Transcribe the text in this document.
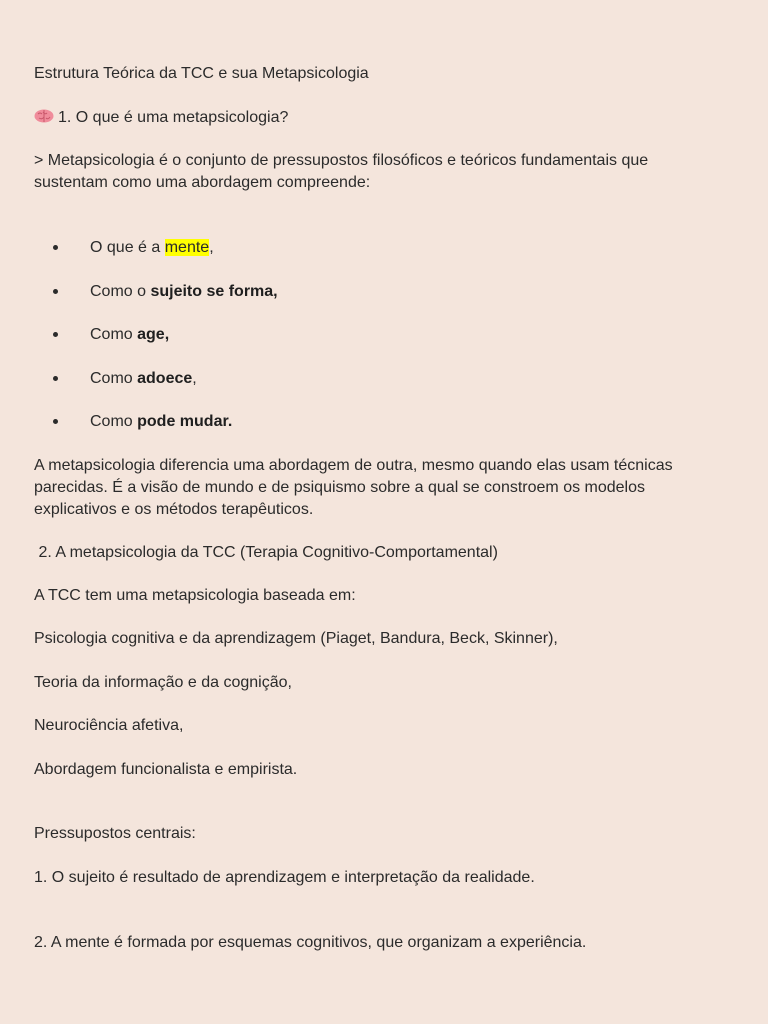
Estrutura Teórica da TCC e sua Metapsicologia

1. O que é uma metapsicologia?

> Metapsicologia é o conjunto de pressupostos filosóficos e teóricos fundamentais que

sustentam como uma abordagem compreende:

O que é a mente,

Como o sujeito se forma,

Como age,

Como adoece,

Como pode mudar.

A metapsicologia diferencia uma abordagem de outra, mesmo quando elas usam técnicas

parecidas. É a visão de mundo e de psiquismo sobre a qual se constroem os modelos

explicativos e os métodos terapêuticos.

2. A metapsicologia da TCC (Terapia Cognitivo-Comportamental)

A TCC tem uma metapsicologia baseada em:

Psicologia cognitiva e da aprendizagem (Piaget, Bandura, Beck, Skinner),

Teoria da informação e da cognição,

Neurociência afetiva,

Abordagem funcionalista e empirista.

Pressupostos centrais:

1. O sujeito é resultado de aprendizagem e interpretação da realidade.

2. A mente é formada por esquemas cognitivos, que organizam a experiência.
